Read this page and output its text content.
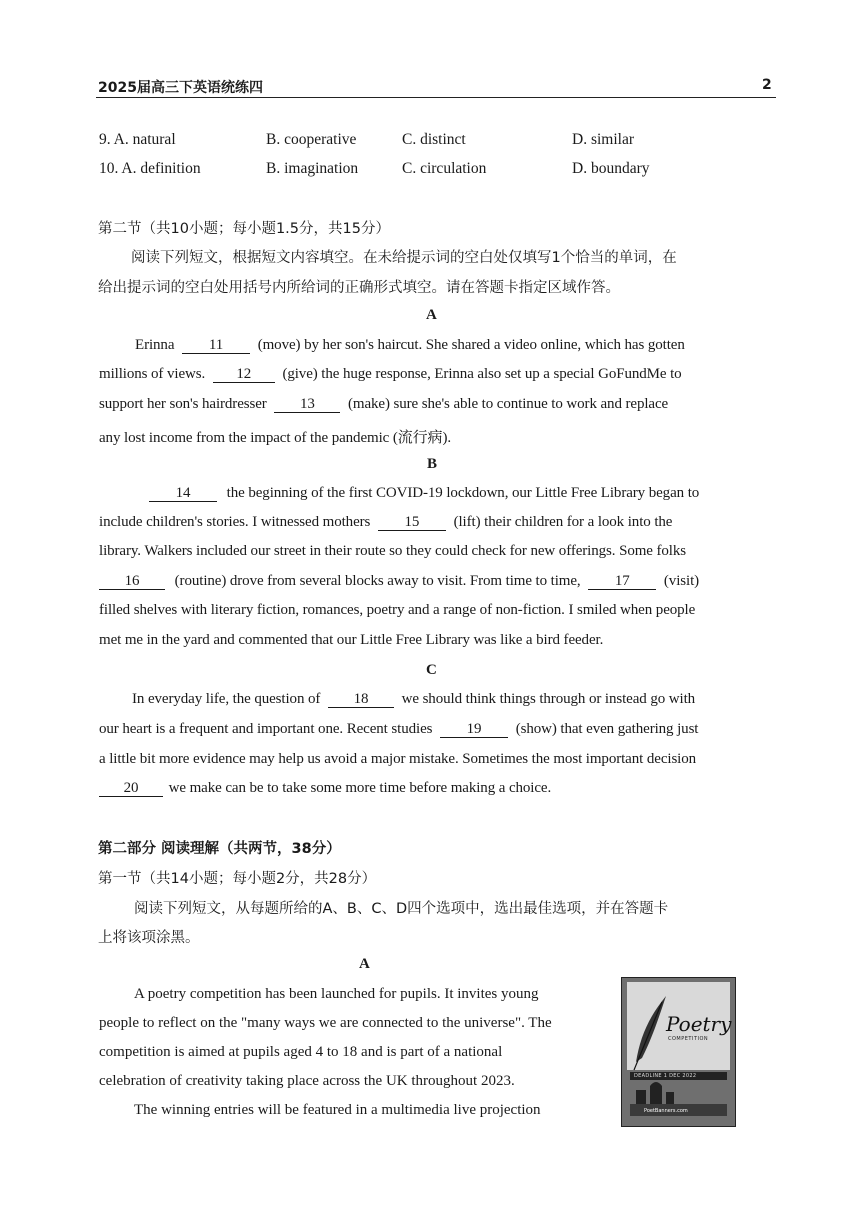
2025届高三下英语统练四	2
9. A. natural	B. cooperative	C. distinct	D. similar
10. A. definition	B. imagination	C. circulation	D. boundary
第二节（共10小题；每小题1.5分，共15分）
阅读下列短文，根据短文内容填空。在未给提示词的空白处仅填写1个恰当的单词，在
给出提示词的空白处用括号内所给词的正确形式填空。请在答题卡指定区域作答。
A
Erinna 11 (move) by her son's haircut. She shared a video online, which has gotten
millions of views. 12 (give) the huge response, Erinna also set up a special GoFundMe to
support her son's hairdresser 13 (make) sure she's able to continue to work and replace
any lost income from the impact of the pandemic (流行病).
B
14 the beginning of the first COVID-19 lockdown, our Little Free Library began to
include children's stories. I witnessed mothers 15 (lift) their children for a look into the
library. Walkers included our street in their route so they could check for new offerings. Some folks
16 (routine) drove from several blocks away to visit. From time to time, 17 (visit)
filled shelves with literary fiction, romances, poetry and a range of non-fiction. I smiled when people
met me in the yard and commented that our Little Free Library was like a bird feeder.
C
In everyday life, the question of 18 we should think things through or instead go with
our heart is a frequent and important one. Recent studies 19 (show) that even gathering just
a little bit more evidence may help us avoid a major mistake. Sometimes the most important decision
20 we make can be to take some more time before making a choice.
第二部分 阅读理解（共两节，38分）
第一节（共14小题；每小题2分，共28分）
阅读下列短文，从每题所给的A、B、C、D四个选项中，选出最佳选项，并在答题卡
上将该项涂黑。
A
A poetry competition has been launched for pupils. It invites young
people to reflect on the "many ways we are connected to the universe". The
competition is aimed at pupils aged 4 to 18 and is part of a national
celebration of creativity taking place across the UK throughout 2023.
The winning entries will be featured in a multimedia live projection
Poetry
COMPETITION
DEADLINE 1 DEC 2022
PoetBanners.com
